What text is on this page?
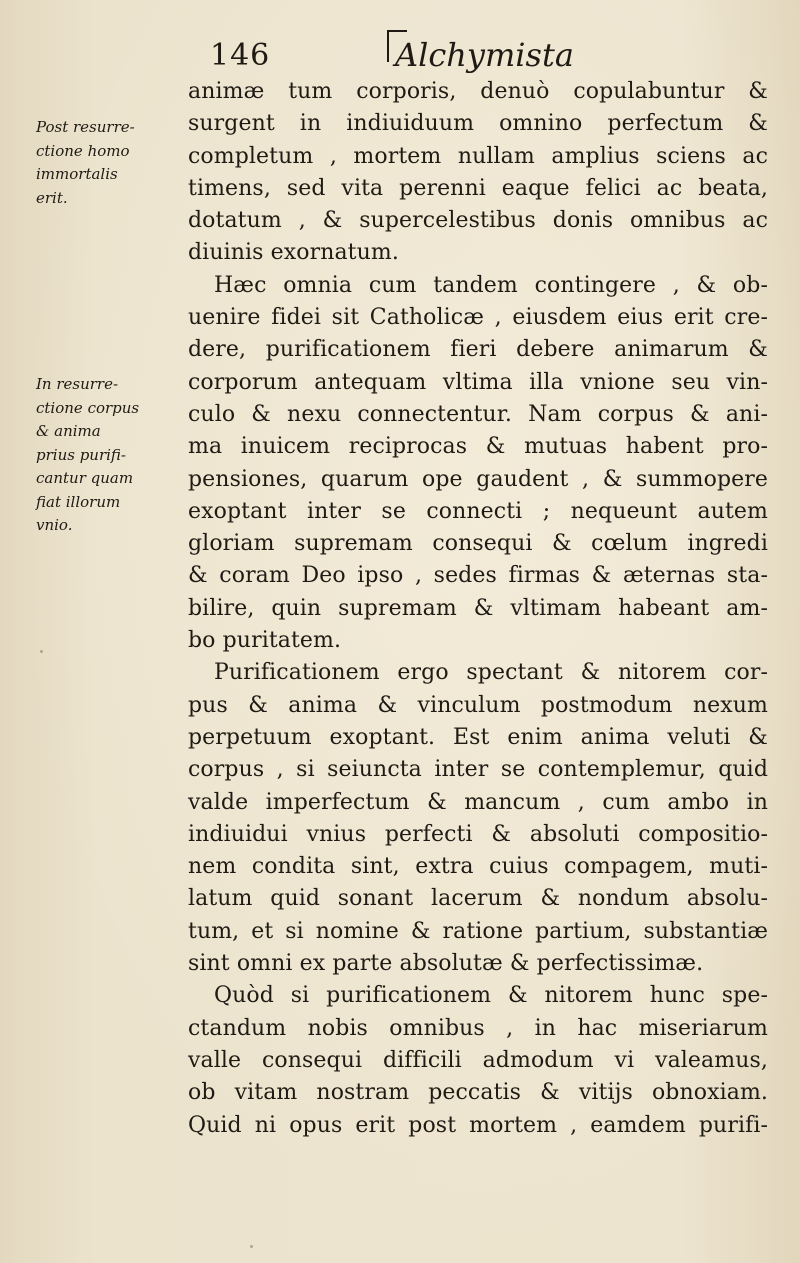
146	Alchymista
Post resurre-
ctione homo
immortalis
erit.
In resurre-
ctione corpus
& anima
prius purifi-
cantur quam
fiat illorum
vnio.
animæ tum corporis, denuò copulabuntur &
surgent in indiuiduum omnino perfectum &
completum , mortem nullam amplius sciens ac
timens, sed vita perenni eaque felici ac beata,
dotatum , & supercelestibus donis omnibus ac
diuinis exornatum.
Hæc omnia cum tandem contingere , & ob-
uenire fidei sit Catholicæ , eiusdem eius erit cre-
dere, purificationem fieri debere animarum &
corporum antequam vltima illa vnione seu vin-
culo & nexu connectentur. Nam corpus & ani-
ma inuicem reciprocas & mutuas habent pro-
pensiones, quarum ope gaudent , & summopere
exoptant inter se connecti ; nequeunt autem
gloriam supremam consequi & cœlum ingredi
& coram Deo ipso , sedes firmas & æternas sta-
bilire, quin supremam & vltimam habeant am-
bo puritatem.
Purificationem ergo spectant & nitorem cor-
pus & anima & vinculum postmodum nexum
perpetuum exoptant. Est enim anima veluti &
corpus , si seiuncta inter se contemplemur, quid
valde imperfectum & mancum , cum ambo in
indiuidui vnius perfecti & absoluti compositio-
nem condita sint, extra cuius compagem, muti-
latum quid sonant lacerum & nondum absolu-
tum, et si nomine & ratione partium, substantiæ
sint omni ex parte absolutæ & perfectissimæ.
Quòd si purificationem & nitorem hunc spe-
ctandum nobis omnibus , in hac miseriarum
valle consequi difficili admodum vi valeamus,
ob vitam nostram peccatis & vitijs obnoxiam.
Quid ni opus erit post mortem , eamdem purifi-
